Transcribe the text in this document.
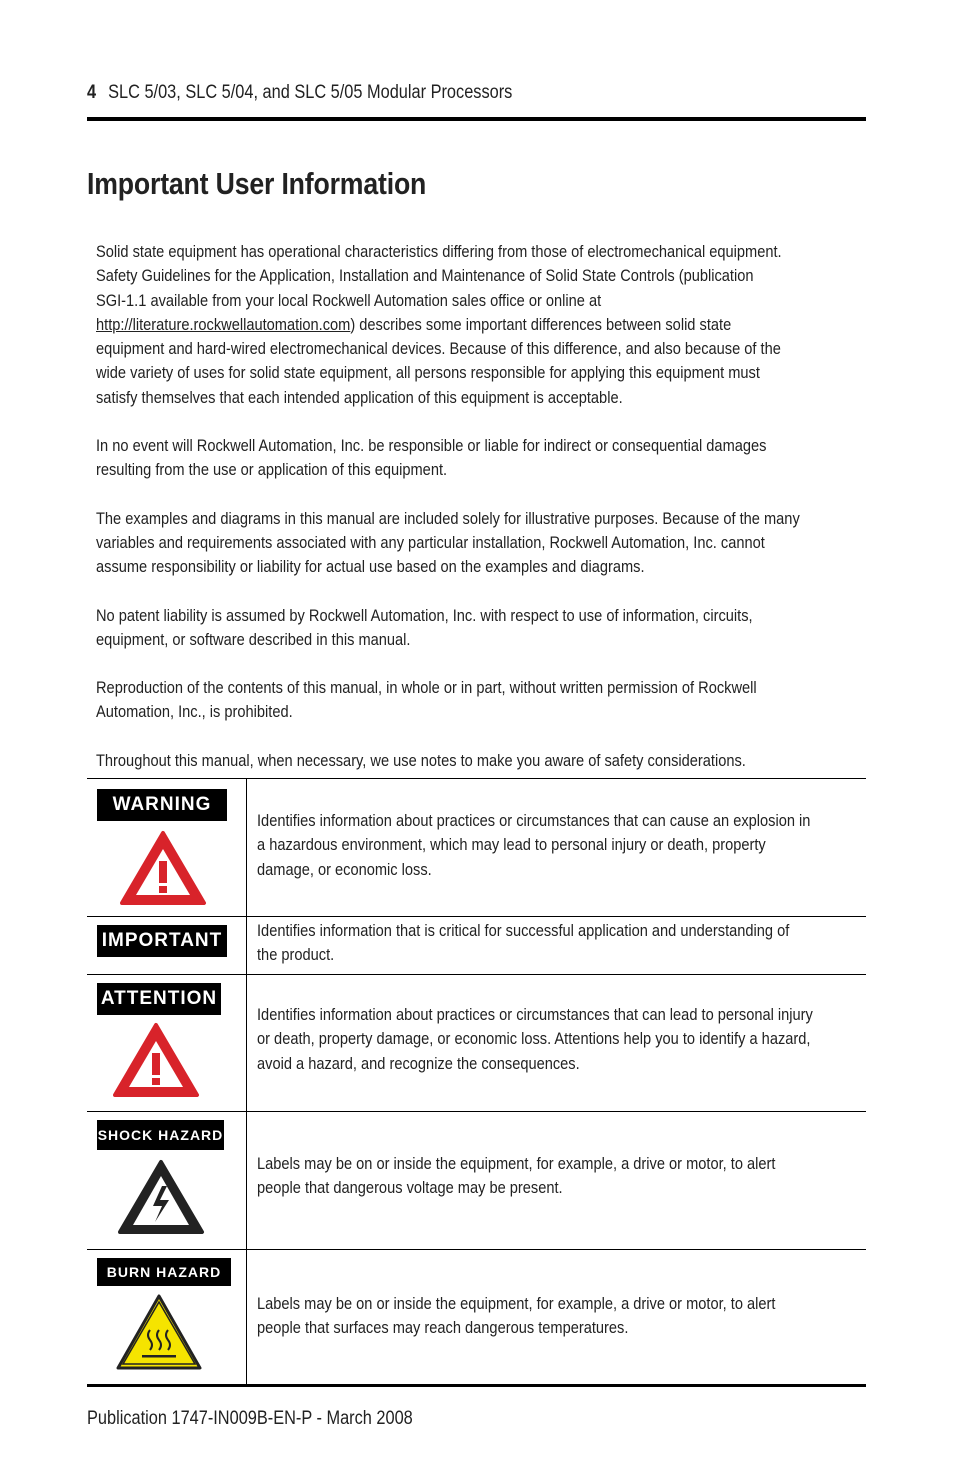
4 SLC 5/03, SLC 5/04, and SLC 5/05 Modular Processors
Important User Information

Solid state equipment has operational characteristics differing from those of electromechanical equipment.
Safety Guidelines for the Application, Installation and Maintenance of Solid State Controls (publication
SGI-1.1 available from your local Rockwell Automation sales office or online at
http://literature.rockwellautomation.com) describes some important differences between solid state
equipment and hard-wired electromechanical devices. Because of this difference, and also because of the
wide variety of uses for solid state equipment, all persons responsible for applying this equipment must
satisfy themselves that each intended application of this equipment is acceptable.

In no event will Rockwell Automation, Inc. be responsible or liable for indirect or consequential damages
resulting from the use or application of this equipment.

The examples and diagrams in this manual are included solely for illustrative purposes. Because of the many
variables and requirements associated with any particular installation, Rockwell Automation, Inc. cannot
assume responsibility or liability for actual use based on the examples and diagrams.

No patent liability is assumed by Rockwell Automation, Inc. with respect to use of information, circuits,
equipment, or software described in this manual.

Reproduction of the contents of this manual, in whole or in part, without written permission of Rockwell
Automation, Inc., is prohibited.

Throughout this manual, when necessary, we use notes to make you aware of safety considerations.

WARNING
Identifies information about practices or circumstances that can cause an explosion in
a hazardous environment, which may lead to personal injury or death, property
damage, or economic loss.
IMPORTANT Identifies information that is critical for successful application and understanding of
the product.
ATTENTION
Identifies information about practices or circumstances that can lead to personal injury
or death, property damage, or economic loss. Attentions help you to identify a hazard,
avoid a hazard, and recognize the consequences.
SHOCK HAZARD
Labels may be on or inside the equipment, for example, a drive or motor, to alert
people that dangerous voltage may be present.
BURN HAZARD
Labels may be on or inside the equipment, for example, a drive or motor, to alert
people that surfaces may reach dangerous temperatures.
Publication 1747-IN009B-EN-P - March 2008
